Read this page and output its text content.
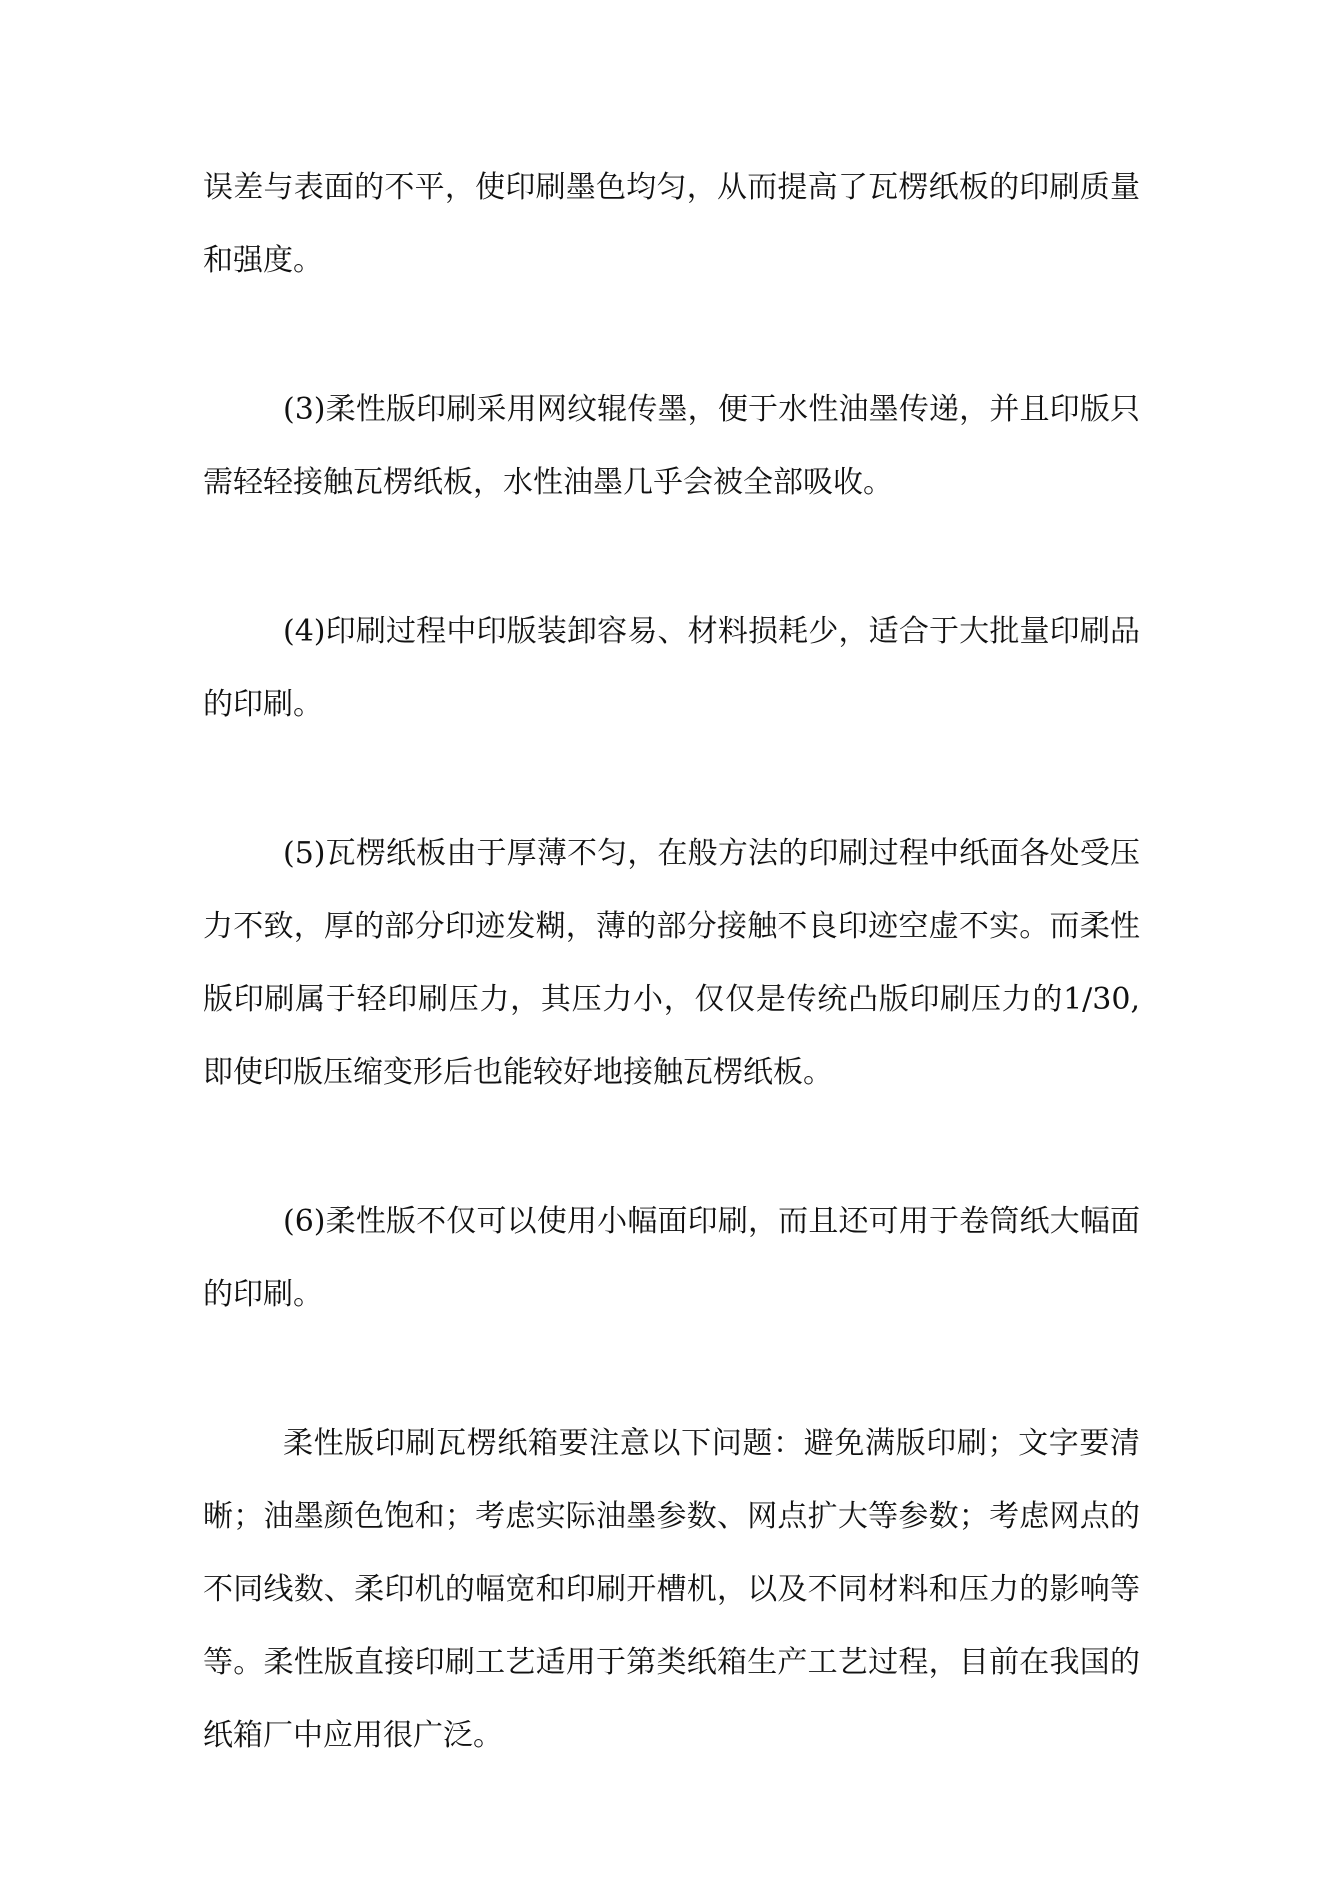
误差与表面的不平，使印刷墨色均匀，从而提高了瓦楞纸板的印刷质量和强度。

(3)柔性版印刷采用网纹辊传墨，便于水性油墨传递，并且印版只需轻轻接触瓦楞纸板，水性油墨几乎会被全部吸收。

(4)印刷过程中印版装卸容易、材料损耗少，适合于大批量印刷品的印刷。

(5)瓦楞纸板由于厚薄不匀，在般方法的印刷过程中纸面各处受压力不致，厚的部分印迹发糊，薄的部分接触不良印迹空虚不实。而柔性版印刷属于轻印刷压力，其压力小，仅仅是传统凸版印刷压力的1/30,即使印版压缩变形后也能较好地接触瓦楞纸板。

(6)柔性版不仅可以使用小幅面印刷，而且还可用于卷筒纸大幅面的印刷。

柔性版印刷瓦楞纸箱要注意以下问题：避免满版印刷；文字要清晰；油墨颜色饱和；考虑实际油墨参数、网点扩大等参数；考虑网点的不同线数、柔印机的幅宽和印刷开槽机，以及不同材料和压力的影响等等。柔性版直接印刷工艺适用于第类纸箱生产工艺过程，目前在我国的纸箱厂中应用很广泛。
